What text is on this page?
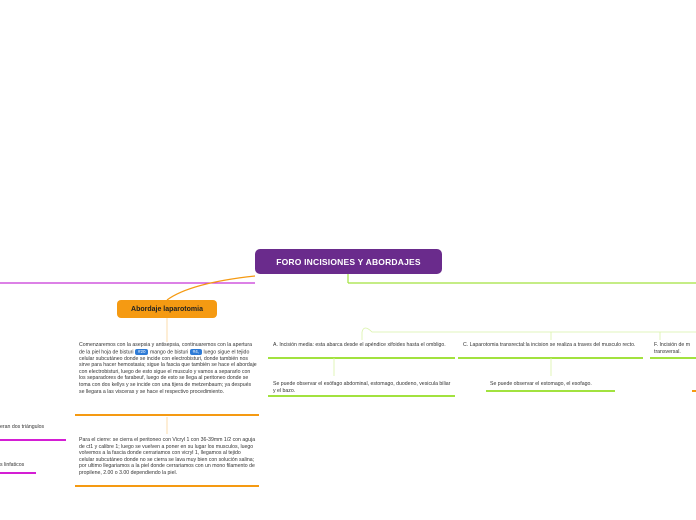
FORO INCISIONES Y ABORDAJES
Abordaje laparotomia
Comenzaremos con la asepsia y antisepsia, continuaremos con la apertura de la piel hoja de bisturi #20 mango de bisturi #4, luego sigue el tejido celular subcutáneo donde se incide con electrobisturi, donde también nos sirve para hacer hemostasia; sigue la fascia que también se hace el abordaje con electrobisturi, luego de esto sigue el musculo y vamos a separarlo con los separadores de farabeuf, luego de esto se llega al peritoneo donde se toma con dos kellys y se incide con una tijera de metzenbaum; ya después se llegara a las visceras y se hace el respectivo procedimiento.
Para el cierre: se cierra el peritoneo con Vicryl 1 con 36-39mm 1/2 con aguja de ct1 y calibre 1; luego se vuelven a poner en su lugar los musculos, luego volvemos a la fascia donde cerrariamos con vicryl 1, llegamos al tejido celular subcutáneo donde no se cierra se lava muy bien con solución salina; por ultimo llegariamos a la piel donde cerrariamos con un mono filamento de propilene, 2.00 o 3.00 dependiendo la piel.
A. Incisión media: esta abarca desde el apéndice xifoides hasta el ombligo.
Se puede observar el esófago abdominal, estomago, duodeno, vesicula biliar y el bazo.
C. Laparotomia transrectal:la incision se realiza a traves del musculo recto.
Se puede observar el estomago, el esofago.
F. Incisión de m transversal.
eran dos triángulos
s linfaticos
